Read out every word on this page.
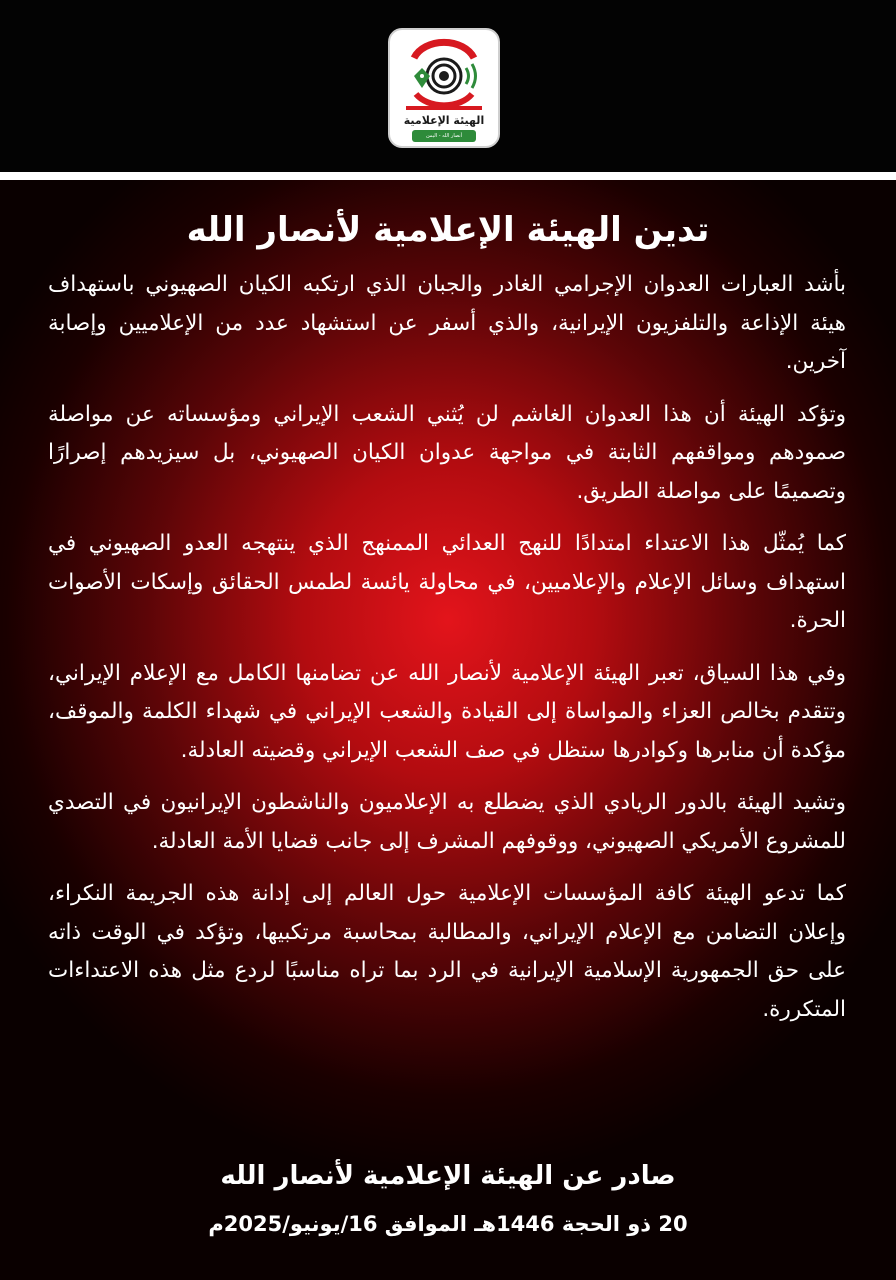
الهيئة الإعلامية
أنصار الله - اليمن
تدين الهيئة الإعلامية لأنصار الله

بأشد العبارات العدوان الإجرامي الغادر والجبان الذي ارتكبه الكيان الصهيوني باستهداف هيئة الإذاعة والتلفزيون الإيرانية، والذي أسفر عن استشهاد عدد من الإعلاميين وإصابة آخرين.

وتؤكد الهيئة أن هذا العدوان الغاشم لن يُثني الشعب الإيراني ومؤسساته عن مواصلة صمودهم ومواقفهم الثابتة في مواجهة عدوان الكيان الصهيوني، بل سيزيدهم إصرارًا وتصميمًا على مواصلة الطريق.

كما يُمثّل هذا الاعتداء امتدادًا للنهج العدائي الممنهج الذي ينتهجه العدو الصهيوني في استهداف وسائل الإعلام والإعلاميين، في محاولة يائسة لطمس الحقائق وإسكات الأصوات الحرة.

وفي هذا السياق، تعبر الهيئة الإعلامية لأنصار الله عن تضامنها الكامل مع الإعلام الإيراني، وتتقدم بخالص العزاء والمواساة إلى القيادة والشعب الإيراني في شهداء الكلمة والموقف، مؤكدة أن منابرها وكوادرها ستظل في صف الشعب الإيراني وقضيته العادلة.

وتشيد الهيئة بالدور الريادي الذي يضطلع به الإعلاميون والناشطون الإيرانيون في التصدي للمشروع الأمريكي الصهيوني، ووقوفهم المشرف إلى جانب قضايا الأمة العادلة.

كما تدعو الهيئة كافة المؤسسات الإعلامية حول العالم إلى إدانة هذه الجريمة النكراء، وإعلان التضامن مع الإعلام الإيراني، والمطالبة بمحاسبة مرتكبيها، وتؤكد في الوقت ذاته على حق الجمهورية الإسلامية الإيرانية في الرد بما تراه مناسبًا لردع مثل هذه الاعتداءات المتكررة.

صادر عن الهيئة الإعلامية لأنصار الله
20 ذو الحجة 1446هـ الموافق 16/يونيو/2025م
